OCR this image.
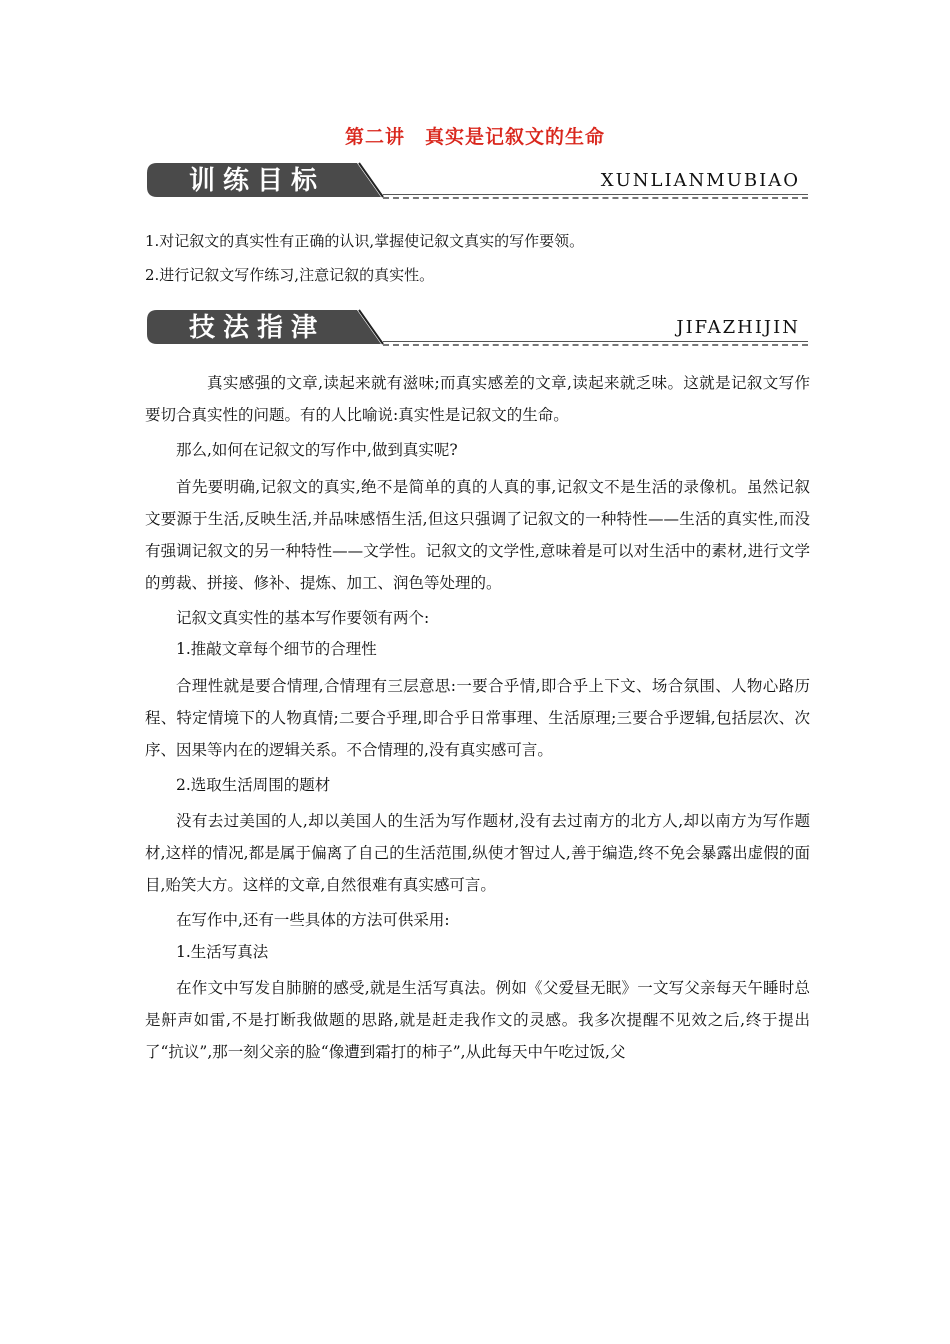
第二讲　真实是记叙文的生命
训练目标	XUNLIANMUBIAO

1.对记叙文的真实性有正确的认识,掌握使记叙文真实的写作要领。

2.进行记叙文写作练习,注意记叙的真实性。

技法指津	JIFAZHIJIN

真实感强的文章,读起来就有滋味;而真实感差的文章,读起来就乏味。这就是记叙文写作要切合真实性的问题。有的人比喻说:真实性是记叙文的生命。

那么,如何在记叙文的写作中,做到真实呢?

首先要明确,记叙文的真实,绝不是简单的真的人真的事,记叙文不是生活的录像机。虽然记叙文要源于生活,反映生活,并品味感悟生活,但这只强调了记叙文的一种特性——生活的真实性,而没有强调记叙文的另一种特性——文学性。记叙文的文学性,意味着是可以对生活中的素材,进行文学的剪裁、拼接、修补、提炼、加工、润色等处理的。

记叙文真实性的基本写作要领有两个:

1.推敲文章每个细节的合理性

合理性就是要合情理,合情理有三层意思:一要合乎情,即合乎上下文、场合氛围、人物心路历程、特定情境下的人物真情;二要合乎理,即合乎日常事理、生活原理;三要合乎逻辑,包括层次、次序、因果等内在的逻辑关系。不合情理的,没有真实感可言。

2.选取生活周围的题材

没有去过美国的人,却以美国人的生活为写作题材,没有去过南方的北方人,却以南方为写作题材,这样的情况,都是属于偏离了自己的生活范围,纵使才智过人,善于编造,终不免会暴露出虚假的面目,贻笑大方。这样的文章,自然很难有真实感可言。

在写作中,还有一些具体的方法可供采用:

1.生活写真法

在作文中写发自肺腑的感受,就是生活写真法。例如《父爱昼无眠》一文写父亲每天午睡时总是鼾声如雷,不是打断我做题的思路,就是赶走我作文的灵感。我多次提醒不见效之后,终于提出了“抗议”,那一刻父亲的脸“像遭到霜打的柿子”,从此每天中午吃过饭,父
